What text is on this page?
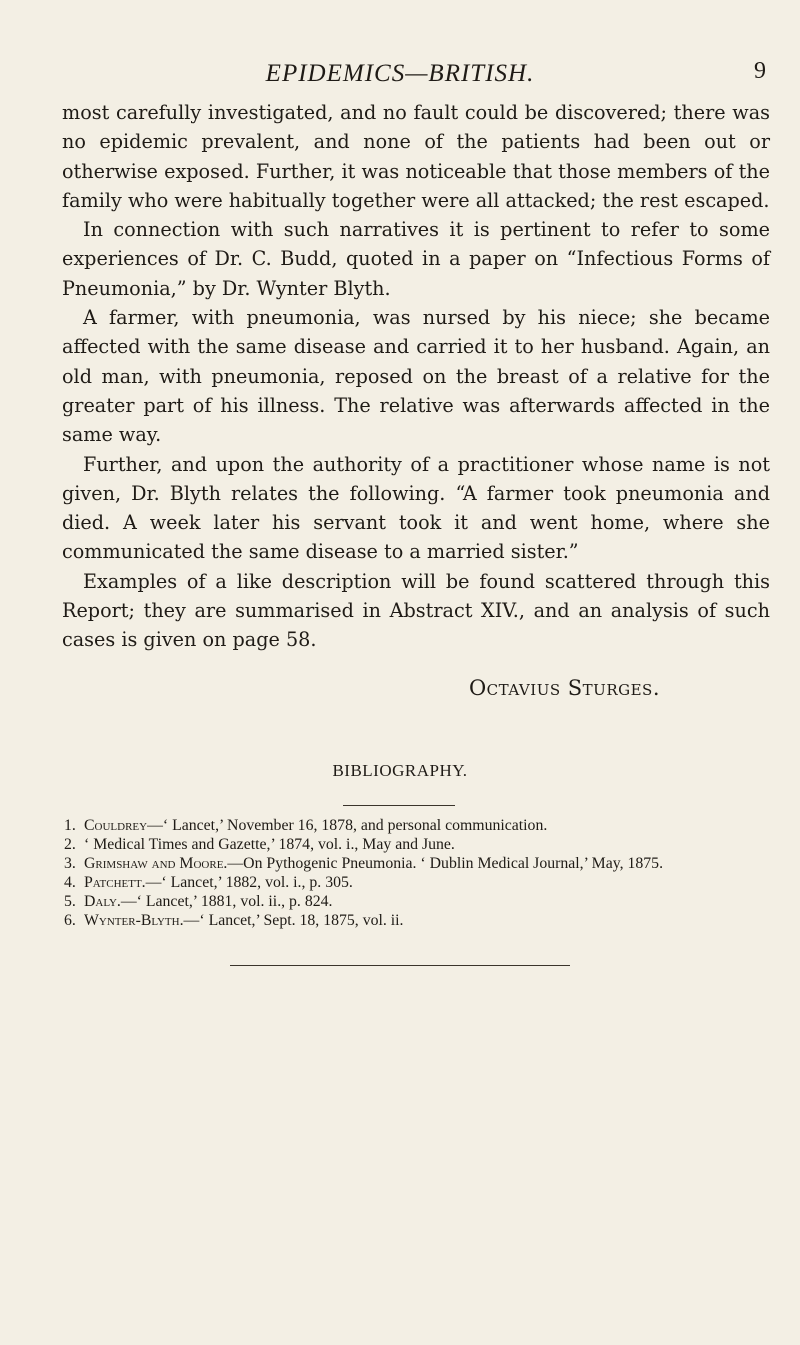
EPIDEMICS—BRITISH.	9

most carefully investigated, and no fault could be discovered; there was no epidemic prevalent, and none of the patients had been out or otherwise exposed. Further, it was noticeable that those members of the family who were habitually together were all attacked; the rest escaped.

In connection with such narratives it is pertinent to refer to some experiences of Dr. C. Budd, quoted in a paper on “Infectious Forms of Pneumonia,” by Dr. Wynter Blyth.

A farmer, with pneumonia, was nursed by his niece; she became affected with the same disease and carried it to her husband. Again, an old man, with pneumonia, reposed on the breast of a relative for the greater part of his illness. The relative was afterwards affected in the same way.

Further, and upon the authority of a practitioner whose name is not given, Dr. Blyth relates the following. “A farmer took pneumonia and died. A week later his servant took it and went home, where she communicated the same disease to a married sister.”

Examples of a like description will be found scattered through this Report; they are summarised in Abstract XIV., and an analysis of such cases is given on page 58.

Octavius Sturges.
BIBLIOGRAPHY.
1. Couldrey—‘ Lancet,’ November 16, 1878, and personal communication.
2. ‘ Medical Times and Gazette,’ 1874, vol. i., May and June.
3. Grimshaw and Moore.—On Pythogenic Pneumonia. ‘ Dublin Medical Journal,’ May, 1875.
4. Patchett.—‘ Lancet,’ 1882, vol. i., p. 305.
5. Daly.—‘ Lancet,’ 1881, vol. ii., p. 824.
6. Wynter-Blyth.—‘ Lancet,’ Sept. 18, 1875, vol. ii.
